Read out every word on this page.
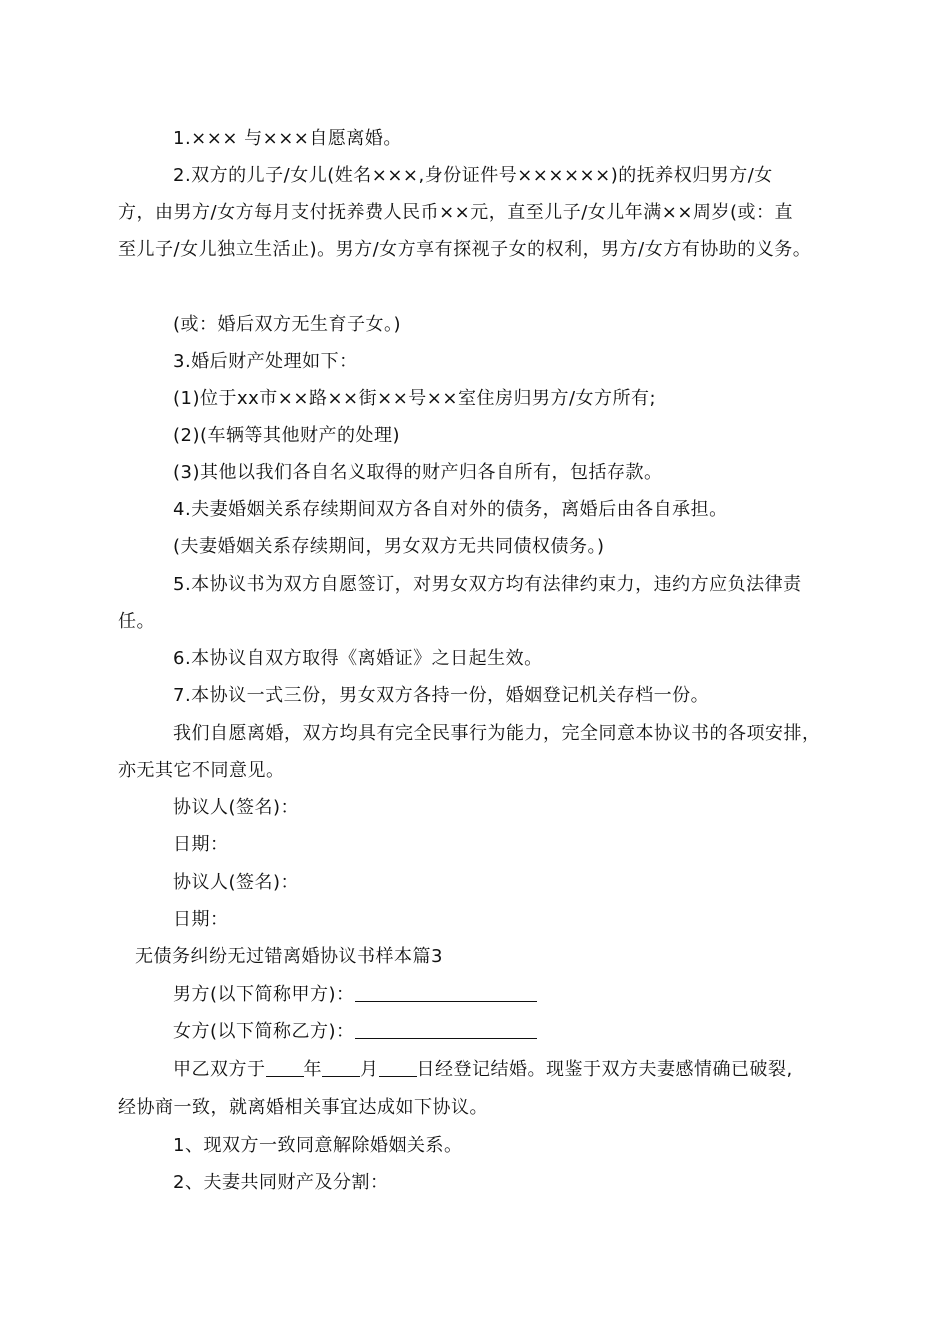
1.××× 与×××自愿离婚。
2.双方的儿子/女儿(姓名×××,身份证件号××××××)的抚养权归男方/女
方，由男方/女方每月支付抚养费人民币××元，直至儿子/女儿年满××周岁(或：直
至儿子/女儿独立生活止)。男方/女方享有探视子女的权利，男方/女方有协助的义务。
(或：婚后双方无生育子女。)
3.婚后财产处理如下：
(1)位于xx市××路××街××号××室住房归男方/女方所有;
(2)(车辆等其他财产的处理)
(3)其他以我们各自名义取得的财产归各自所有，包括存款。
4.夫妻婚姻关系存续期间双方各自对外的债务，离婚后由各自承担。
(夫妻婚姻关系存续期间，男女双方无共同债权债务。)
5.本协议书为双方自愿签订，对男女双方均有法律约束力，违约方应负法律责
任。
6.本协议自双方取得《离婚证》之日起生效。
7.本协议一式三份，男女双方各持一份，婚姻登记机关存档一份。
我们自愿离婚，双方均具有完全民事行为能力，完全同意本协议书的各项安排，
亦无其它不同意见。
协议人(签名)：
日期：
协议人(签名)：
日期：
无债务纠纷无过错离婚协议书样本篇3
男方(以下简称甲方)：
女方(以下简称乙方)：
甲乙双方于 年 月 日经登记结婚。现鉴于双方夫妻感情确已破裂,
经协商一致，就离婚相关事宜达成如下协议。
1、现双方一致同意解除婚姻关系。
2、夫妻共同财产及分割：
